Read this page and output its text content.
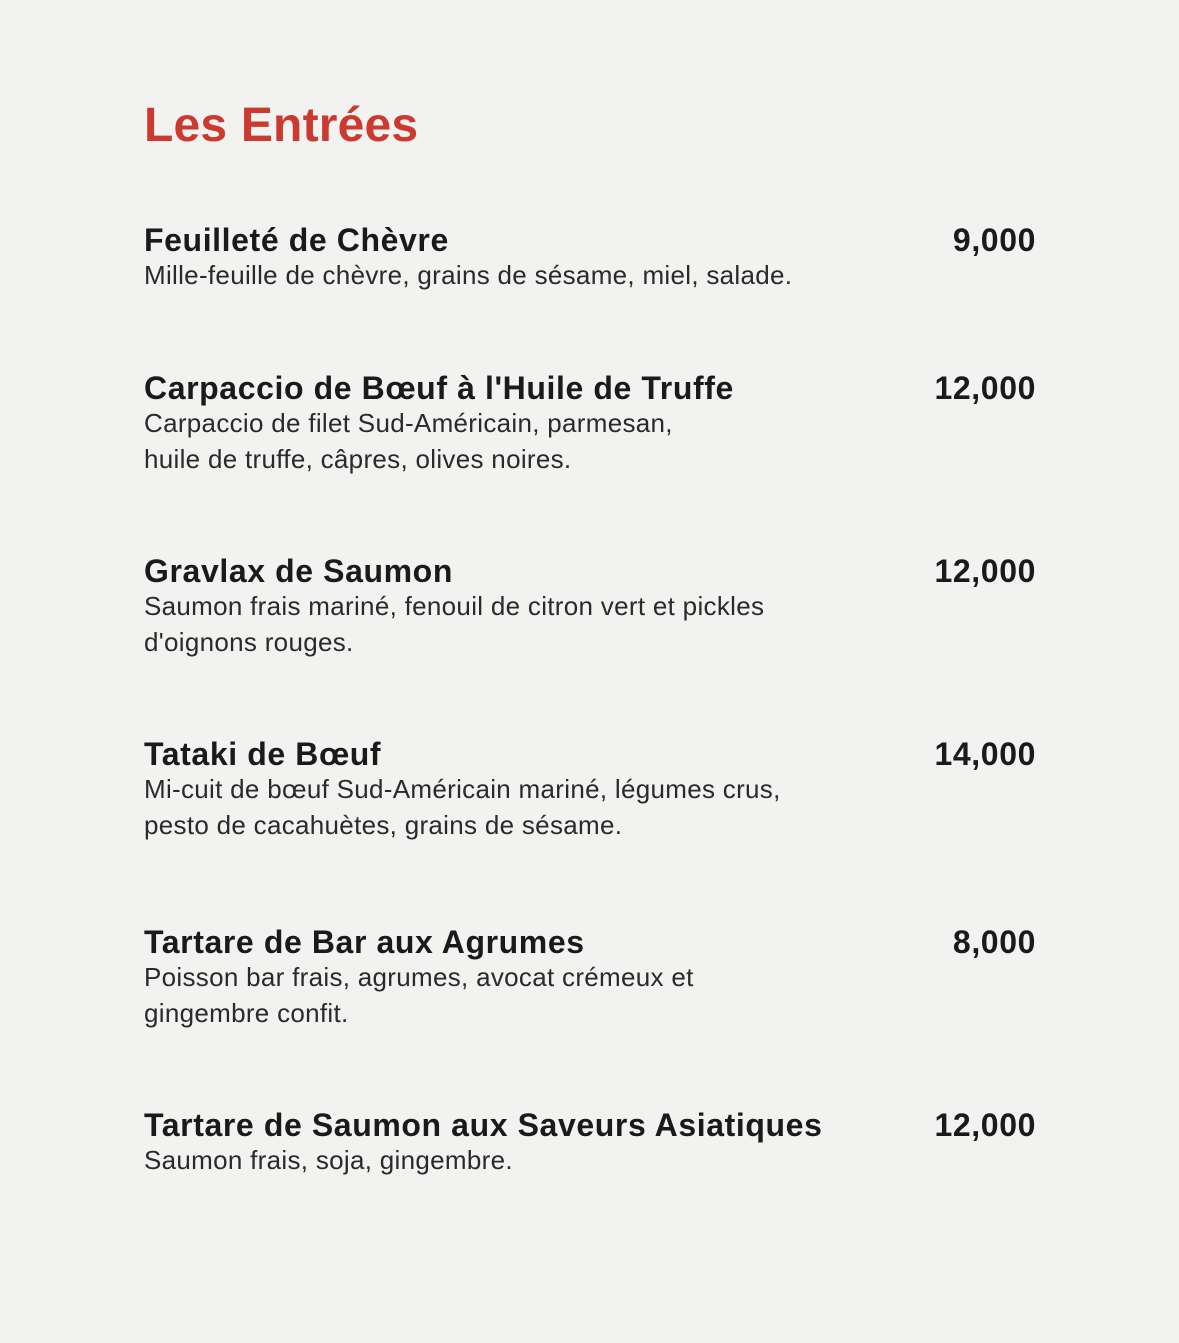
Les Entrées
Feuilleté de Chèvre	9,000

Mille-feuille de chèvre, grains de sésame, miel, salade.

Carpaccio de Bœuf à l'Huile de Truffe	12,000

Carpaccio de filet Sud-Américain, parmesan,
huile de truffe, câpres, olives noires.

Gravlax de Saumon	12,000

Saumon frais mariné, fenouil de citron vert et pickles
d'oignons rouges.

Tataki de Bœuf	14,000

Mi-cuit de bœuf Sud-Américain mariné, légumes crus,
pesto de cacahuètes, grains de sésame.

Tartare de Bar aux Agrumes	8,000

Poisson bar frais, agrumes, avocat crémeux et
gingembre confit.

Tartare de Saumon aux Saveurs Asiatiques	12,000

Saumon frais, soja, gingembre.
